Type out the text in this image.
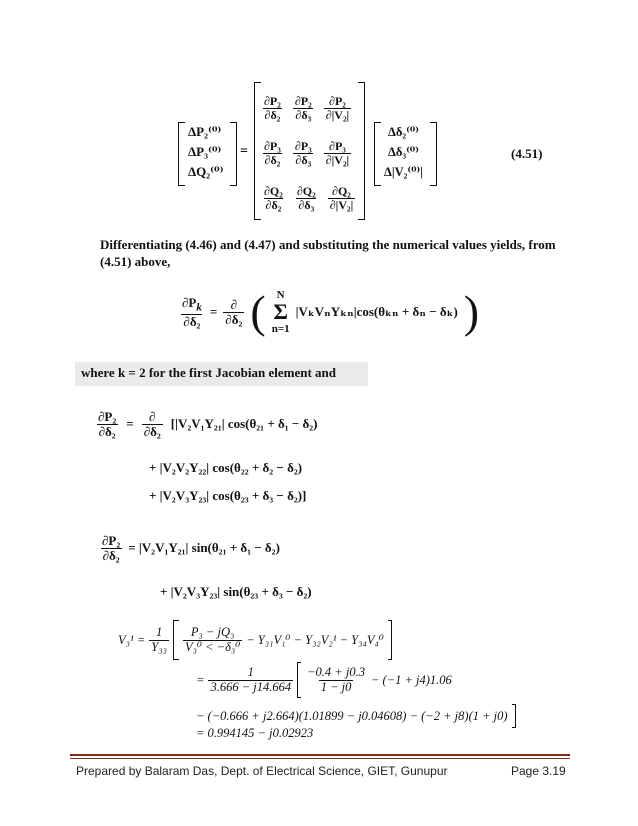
ΔP₂⁽⁰⁾
ΔP₃⁽⁰⁾
ΔQ₂⁽⁰⁾
=
$\frac{\text{∂P₂}}{\text{∂δ₂}} \frac{\text{∂P₂}}{\text{∂δ₃}} \frac{\text{∂P₂}}{\text{∂|V₂|}}$
$\frac{\text{∂P₃}}{\text{∂δ₂}} \frac{\text{∂P₃}}{\text{∂δ₃}} \frac{\text{∂P₃}}{\text{∂|V₂|}}$
$\frac{\text{∂Q₂}}{\text{∂δ₂}} \frac{\text{∂Q₂}}{\text{∂δ₃}} \frac{\text{∂Q₂}}{\text{∂|V₂|}}$
Δδ₂⁽⁰⁾
Δδ₃⁽⁰⁾
Δ|V₂⁽⁰⁾|
(4.51)
Differentiating (4.46) and (4.47) and substituting the numerical values yields, from
(4.51) above,
$\frac{\partial P_k}{\text{∂δ₂}} = \frac{\partial}{\text{∂δ₂}}$ ( N
Σ
n=1
|VₖVₙYₖₙ|cos(θₖₙ + δₙ − δₖ) )
where k = 2 for the first Jacobian element and
$\frac{\text{∂P₂}}{\text{∂δ₂}} = \frac{\partial}{\text{∂δ₂}} [|V_2V_1Y_{21}|$ cos(θ₂₁ + δ₁ − δ₂)
+ |V₂V₂Y₂₂| cos(θ₂₂ + δ₂ − δ₂)
+ |V₂V₃Y₂₃| cos(θ₂₃ + δ₃ − δ₂)]
$\frac{\text{∂P₂}}{\text{∂δ₂}} = |V_2V_1Y_{21}|$ sin(θ₂₁ + δ₁ − δ₂)
+ |V₂V₃Y₂₃| sin(θ₂₃ + δ₃ − δ₂)
$V_3^1 = \frac{1}{\text{Y₃₃}} \frac{\text{P₃ − jQ₃}}{\text{V₃⁰ < −δ₃⁰}} - Y_{31}V_1^0 - Y_{32}V_2^1 - Y_{34}V_4^0$
= $\frac{1}{3.666 - j14.664} \frac{-0.4 + j0.3}{1 - j0} - (-1 + j4)1.06$
− (−0.666 + j2.664)(1.01899 − j0.04608) − (−2 + j8)(1 + j0)
= 0.994145 − j0.02923
Prepared by Balaram Das, Dept. of Electrical Science, GIET, Gunupur	Page 3.19
